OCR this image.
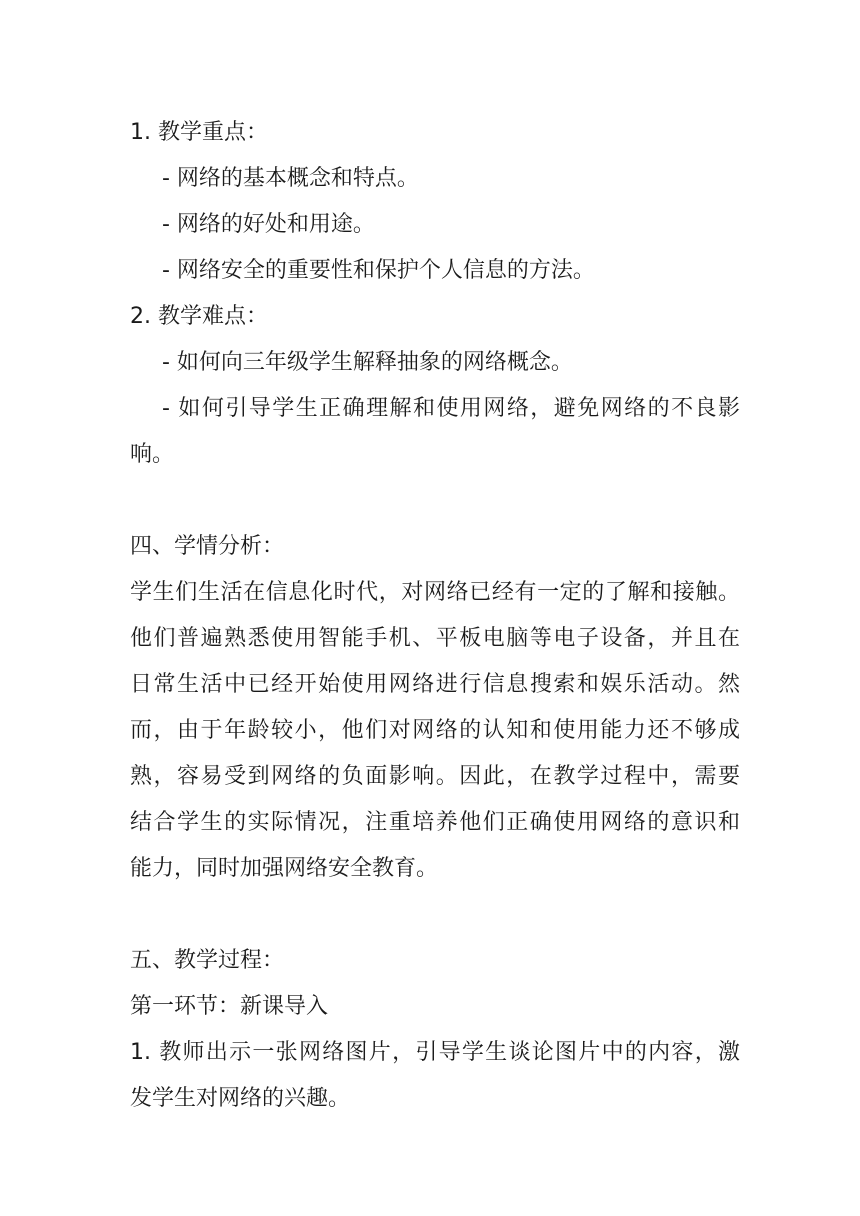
1. 教学重点：
- 网络的基本概念和特点。
- 网络的好处和用途。
- 网络安全的重要性和保护个人信息的方法。
2. 教学难点：
- 如何向三年级学生解释抽象的网络概念。
- 如何引导学生正确理解和使用网络，避免网络的不良影
响。
四、学情分析：
学生们生活在信息化时代，对网络已经有一定的了解和接触。
他们普遍熟悉使用智能手机、平板电脑等电子设备，并且在
日常生活中已经开始使用网络进行信息搜索和娱乐活动。然
而，由于年龄较小，他们对网络的认知和使用能力还不够成
熟，容易受到网络的负面影响。因此，在教学过程中，需要
结合学生的实际情况，注重培养他们正确使用网络的意识和
能力，同时加强网络安全教育。
五、教学过程：
第一环节：新课导入
1. 教师出示一张网络图片，引导学生谈论图片中的内容，激
发学生对网络的兴趣。
